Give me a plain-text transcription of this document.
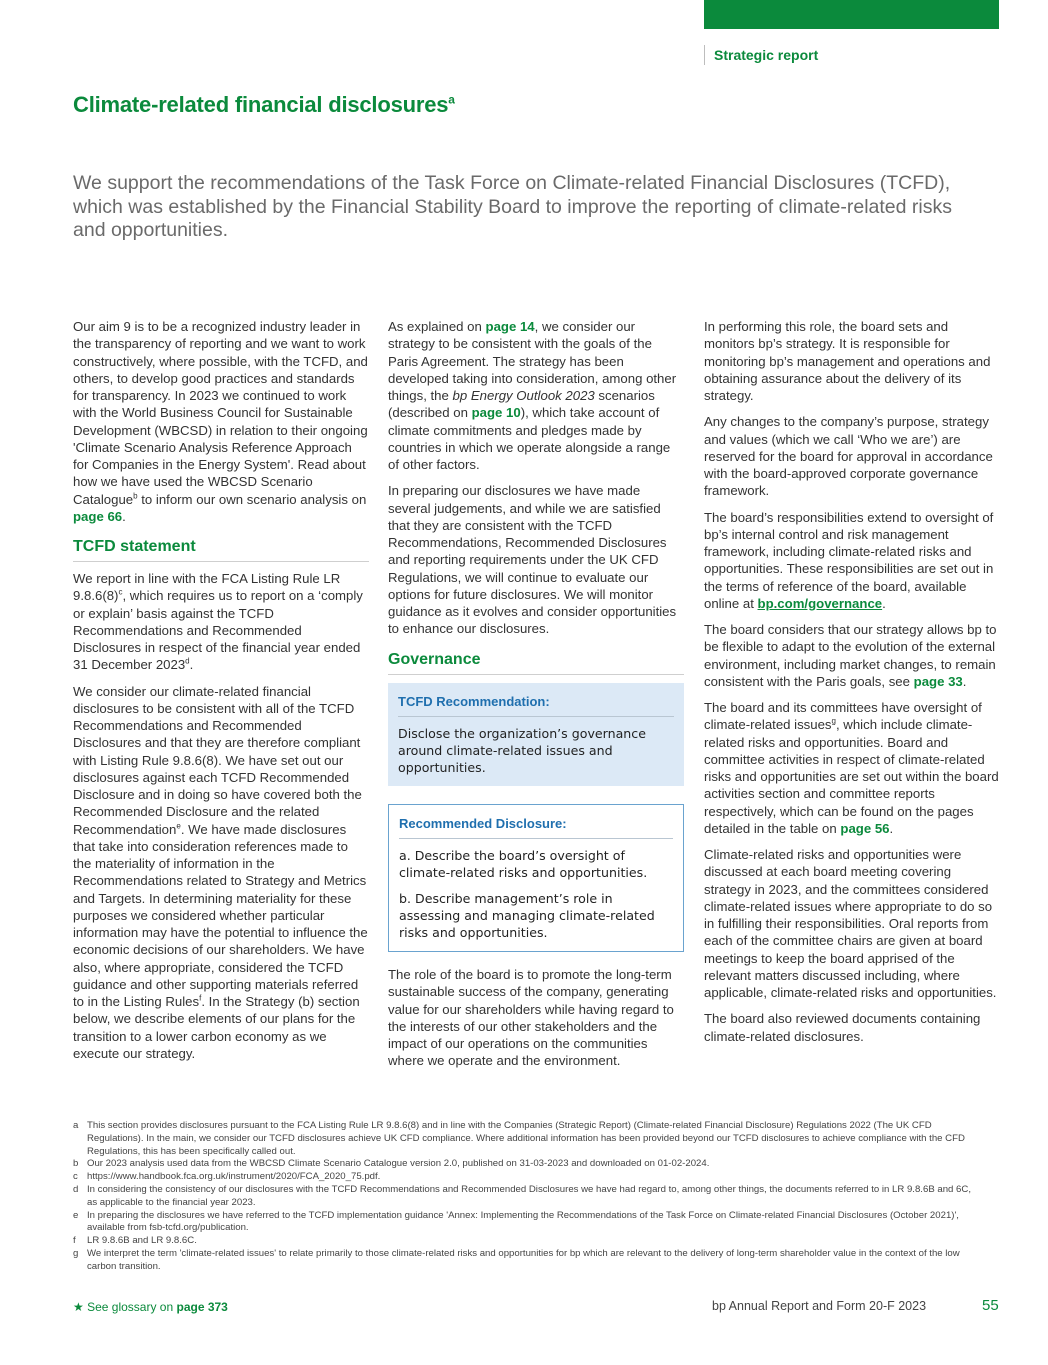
Strategic report
Climate-related financial disclosures$^a$

We support the recommendations of the Task Force on Climate-related Financial Disclosures (TCFD), which was established by the Financial Stability Board to improve the reporting of climate-related risks and opportunities.

Our aim 9 is to be a recognized industry leader in the transparency of reporting and we want to work constructively, where possible, with the TCFD, and others, to develop good practices and standards for transparency. In 2023 we continued to work with the World Business Council for Sustainable Development (WBCSD) in relation to their ongoing 'Climate Scenario Analysis Reference Approach for Companies in the Energy System'. Read about how we have used the WBCSD Scenario Catalogue$^b$ to inform our own scenario analysis on page 66.

TCFD statement

We report in line with the FCA Listing Rule LR $9.8.6(8)^c$, which requires us to report on a ‘comply or explain’ basis against the TCFD Recommendations and Recommended Disclosures in respect of the financial year ended 31 December 2023$^d$.

We consider our climate-related financial disclosures to be consistent with all of the TCFD Recommendations and Recommended Disclosures and that they are therefore compliant with Listing Rule 9.8.6(8). We have set out our disclosures against each TCFD Recommended Disclosure and in doing so have covered both the Recommended Disclosure and the related Recommendation$^e$. We have made disclosures that take into consideration references made to the materiality of information in the Recommendations related to Strategy and Metrics and Targets. In determining materiality for these purposes we considered whether particular information may have the potential to influence the economic decisions of our shareholders. We have also, where appropriate, considered the TCFD guidance and other supporting materials referred to in the Listing Rules$^f$. In the Strategy (b) section below, we describe elements of our plans for the transition to a lower carbon economy as we execute our strategy.

As explained on page 14, we consider our strategy to be consistent with the goals of the Paris Agreement. The strategy has been developed taking into consideration, among other things, the bp Energy Outlook 2023 scenarios (described on page 10), which take account of climate commitments and pledges made by countries in which we operate alongside a range of other factors.

In preparing our disclosures we have made several judgements, and while we are satisfied that they are consistent with the TCFD Recommendations, Recommended Disclosures and reporting requirements under the UK CFD Regulations, we will continue to evaluate our options for future disclosures. We will monitor guidance as it evolves and consider opportunities to enhance our disclosures.

Governance
TCFD Recommendation:

Disclose the organization’s governance around climate-related issues and opportunities.

Recommended Disclosure:

a. Describe the board’s oversight of climate-related risks and opportunities.

b. Describe management’s role in assessing and managing climate-related risks and opportunities.

The role of the board is to promote the long-term sustainable success of the company, generating value for our shareholders while having regard to the interests of our other stakeholders and the impact of our operations on the communities where we operate and the environment.

In performing this role, the board sets and monitors bp’s strategy. It is responsible for monitoring bp’s management and operations and obtaining assurance about the delivery of its strategy.

Any changes to the company’s purpose, strategy and values (which we call ‘Who we are’) are reserved for the board for approval in accordance with the board-approved corporate governance framework.

The board’s responsibilities extend to oversight of bp’s internal control and risk management framework, including climate-related risks and opportunities. These responsibilities are set out in the terms of reference of the board, available online at bp.com/governance.

The board considers that our strategy allows bp to be flexible to adapt to the evolution of the external environment, including market changes, to remain consistent with the Paris goals, see page 33.

The board and its committees have oversight of climate-related issues$^g$, which include climate-related risks and opportunities. Board and committee activities in respect of climate-related risks and opportunities are set out within the board activities section and committee reports respectively, which can be found on the pages detailed in the table on page 56.

Climate-related risks and opportunities were discussed at each board meeting covering strategy in 2023, and the committees considered climate-related issues where appropriate to do so in fulfilling their responsibilities. Oral reports from each of the committee chairs are given at board meetings to keep the board apprised of the relevant matters discussed including, where applicable, climate-related risks and opportunities.

The board also reviewed documents containing climate-related disclosures.

a This section provides disclosures pursuant to the FCA Listing Rule LR 9.8.6(8) and in line with the Companies (Strategic Report) (Climate-related Financial Disclosure) Regulations 2022 (The UK CFD Regulations). In the main, we consider our TCFD disclosures achieve UK CFD compliance. Where additional information has been provided beyond our TCFD disclosures to achieve compliance with the CFD Regulations, this has been specifically called out.
b Our 2023 analysis used data from the WBCSD Climate Scenario Catalogue version 2.0, published on 31-03-2023 and downloaded on 01-02-2024.
c https://www.handbook.fca.org.uk/instrument/2020/FCA_2020_75.pdf.
d In considering the consistency of our disclosures with the TCFD Recommendations and Recommended Disclosures we have had regard to, among other things, the documents referred to in LR 9.8.6B and 6C, as applicable to the financial year 2023.
e In preparing the disclosures we have referred to the TCFD implementation guidance 'Annex: Implementing the Recommendations of the Task Force on Climate-related Financial Disclosures (October 2021)', available from fsb-tcfd.org/publication.
f	LR 9.8.6B and LR 9.8.6C.
g We interpret the term 'climate-related issues' to relate primarily to those climate-related risks and opportunities for bp which are relevant to the delivery of long-term shareholder value in the context of the low carbon transition.
★ See glossary on page 373	bp Annual Report and Form 20-F 2023	55
